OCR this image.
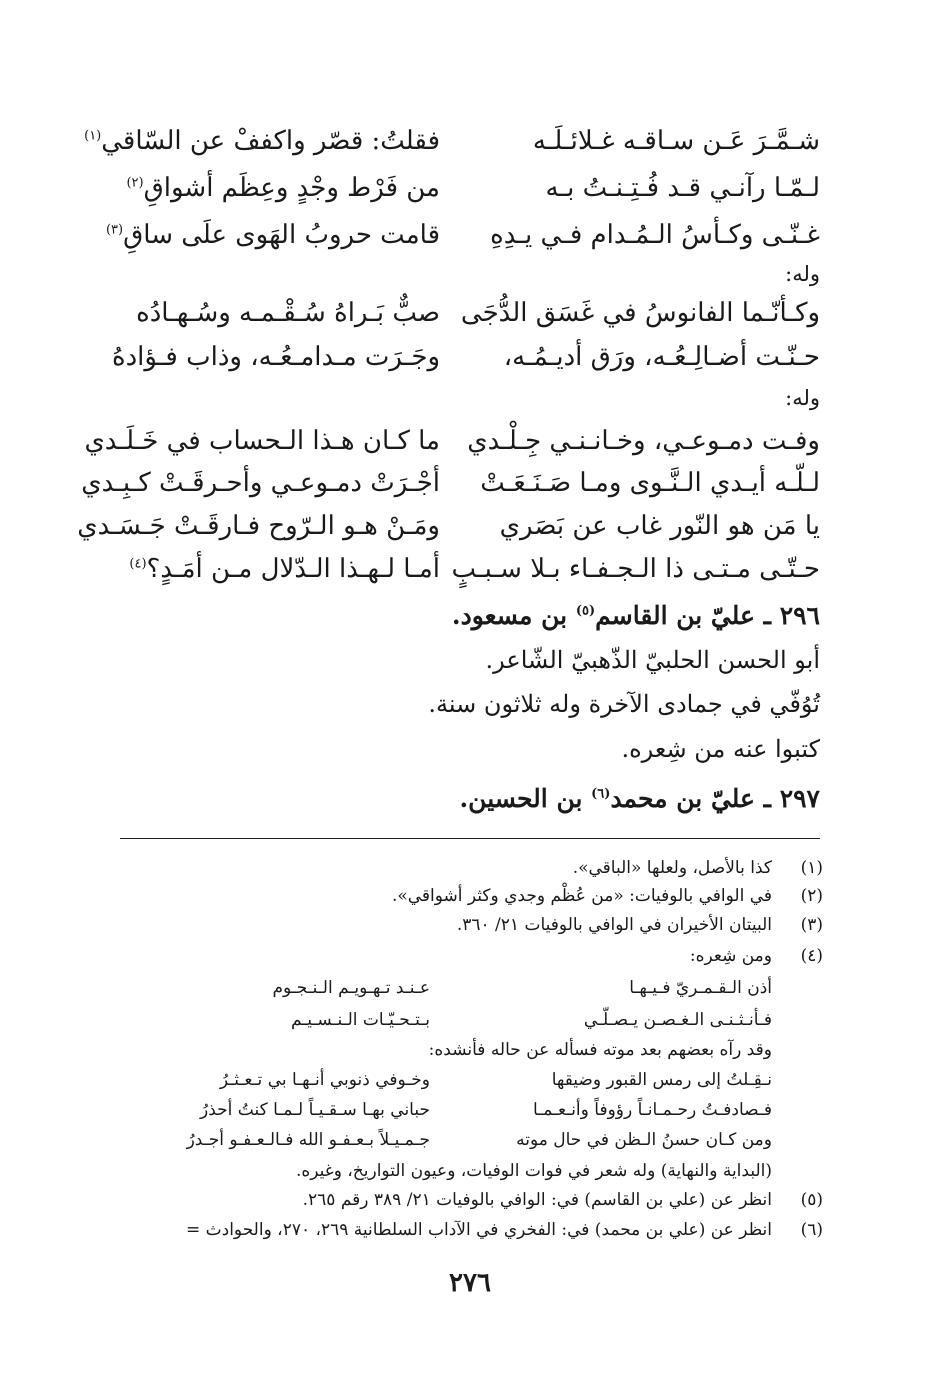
شـمَّـرَ عَـن سـاقـه غـلائـلَـه
فقلتُ: قصّر واكففْ عن السّاقي$^{(١)}$
لـمّـا رآنـي قـد فُـتِـنـتُ بـه
من فَرْط وجْدٍ وعِظَم أشواقِ$^{(٢)}$
غـنّـى وكـأسُ الـمُـدام فـي يـدِهِ
قامت حروبُ الهَوى علَى ساقِ$^{(٣)}$
وله:
وكـأنّـما الفانوسُ في غَسَق الدُّجَى
صبٌّ بَـراهُ سُـقْـمـه وسُـهـادُه
حـنّـت أضـالِـعُـه، ورَق أديـمُـه،
وجَـرَت مـدامـعُـه، وذاب فـؤادهُ
وله:
وفـت دمـوعـي، وخـانـنـي جِـلْـدي
ما كـان هـذا الـحساب في خَـلَـدي
لـلّـه أيـدي الـنَّـوى ومـا صَـنَـعَـتْ
أجْـرَتْ دمـوعـي وأحـرقَـتْ كـبِـدي
يا مَن هو النّور غاب عن بَصَري
ومَـنْ هـو الـرّوح فـارقَـتْ جَـسَـدي
حـتّـى مـتـى ذا الـجـفـاء بـلا سـبـبٍ
أمـا لـهـذا الـدّلال مـن أمَـدٍ؟$^{(٤)}$
٢٩٦ ـ عليّ بن القاسم$^{(٥)}$ بن مسعود.
أبو الحسن الحلبيّ الذّهبيّ الشّاعر.
تُوُفّي في جمادى الآخرة وله ثلاثون سنة.
كتبوا عنه من شِعره.
٢٩٧ ـ عليّ بن محمد$^{(٦)}$ بن الحسين.
(١)
كذا بالأصل، ولعلها «الباقي».
(٢)
في الوافي بالوفيات: «من عُظْم وجدي وكثر أشواقي».
(٣)
البيتان الأخيران في الوافي بالوفيات ٢١/ ٣٦٠.
(٤)
ومن شِعره:
أذن الـقـمـريّ فـيـهـا
عـنـد تـهـويـم الـنـجـوم
فـأنـثـنـى الـغـصـن يـصـلّـي
بـتـحـيّـات الـنـسـيـم
وقد رآه بعضهم بعد موته فسأله عن حاله فأنشده:
نـقِـلتُ إلى رمس القبور وضيقها
وخـوفي ذنوبي أنـهـا بي تـعـثـرُ
فـصادفـتُ رحـمـانـاً رؤوفاً وأنـعـمـا
حباني بهـا سـقـيـاً لـمـا كنتُ أحذرُ
ومن كـان حسنُ الـظن في حال موته
جـمـيـلاً بـعـفـو الله فـالـعـفـو أجـدرُ
(البداية والنهاية) وله شعر في فوات الوفيات، وعيون التواريخ، وغيره.
(٥)
انظر عن (علي بن القاسم) في: الوافي بالوفيات ٢١/ ٣٨٩ رقم ٢٦٥.
(٦)
انظر عن (علي بن محمد) في: الفخري في الآداب السلطانية ٢٦٩، ٢٧٠، والحوادث =
٢٧٦
